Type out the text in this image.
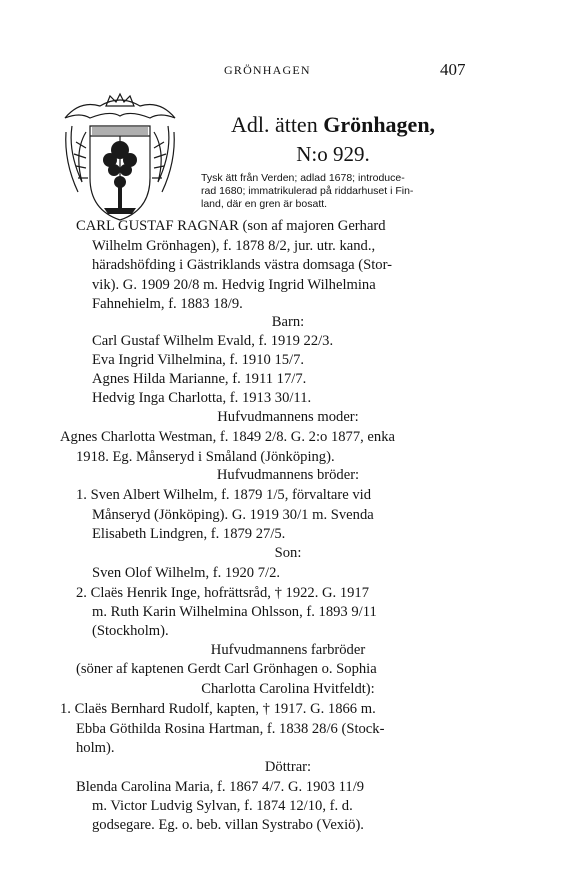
GRÖNHAGEN	407
Adl. ätten Grönhagen,
N:o 929.
Tysk ätt från Verden; adlad 1678; introduce-
rad 1680; immatrikulerad på riddarhuset i Fin-
land, där en gren är bosatt.
CARL GUSTAF RAGNAR (son af majoren Gerhard
Wilhelm Grönhagen), f. 1878 8/2, jur. utr. kand.,
häradshöfding i Gästriklands västra domsaga (Stor-
vik). G. 1909 20/8 m. Hedvig Ingrid Wilhelmina
Fahnehielm, f. 1883 18/9.
Barn:
Carl Gustaf Wilhelm Evald, f. 1919 22/3.
Eva Ingrid Vilhelmina, f. 1910 15/7.
Agnes Hilda Marianne, f. 1911 17/7.
Hedvig Inga Charlotta, f. 1913 30/11.
Hufvudmannens moder:
Agnes Charlotta Westman, f. 1849 2/8. G. 2:o 1877, enka
1918. Eg. Månseryd i Småland (Jönköping).
Hufvudmannens bröder:
1. Sven Albert Wilhelm, f. 1879 1/5, förvaltare vid
Månseryd (Jönköping). G. 1919 30/1 m. Svenda
Elisabeth Lindgren, f. 1879 27/5.
Son:
Sven Olof Wilhelm, f. 1920 7/2.
2. Claës Henrik Inge, hofrättsråd, † 1922. G. 1917
m. Ruth Karin Wilhelmina Ohlsson, f. 1893 9/11
(Stockholm).
Hufvudmannens farbröder
(söner af kaptenen Gerdt Carl Grönhagen o. Sophia
Charlotta Carolina Hvitfeldt):
1. Claës Bernhard Rudolf, kapten, † 1917. G. 1866 m.
Ebba Göthilda Rosina Hartman, f. 1838 28/6 (Stock-
holm).
Döttrar:
Blenda Carolina Maria, f. 1867 4/7. G. 1903 11/9
m. Victor Ludvig Sylvan, f. 1874 12/10, f. d.
godsegare. Eg. o. beb. villan Systrabo (Vexiö).
